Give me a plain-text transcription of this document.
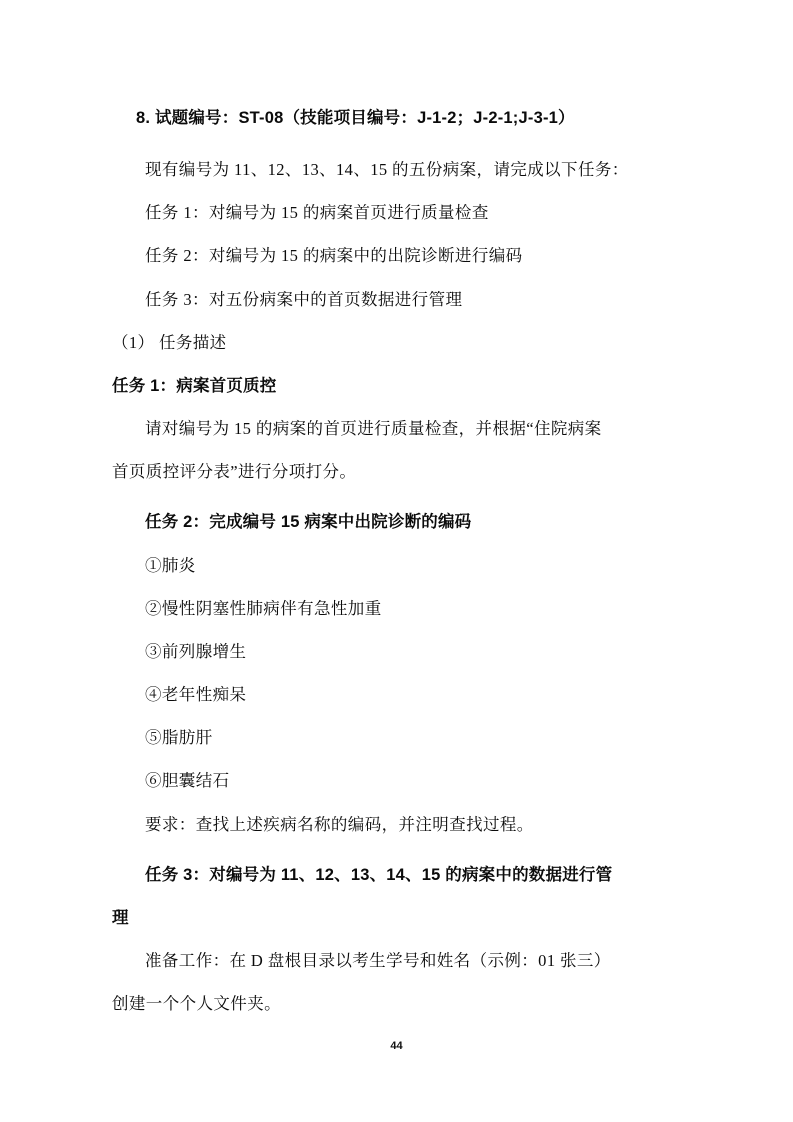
8. 试题编号：ST-08（技能项目编号：J-1-2；J-2-1;J-3-1）

现有编号为 11、12、13、14、15 的五份病案，请完成以下任务：

任务 1：对编号为 15 的病案首页进行质量检查

任务 2：对编号为 15 的病案中的出院诊断进行编码

任务 3：对五份病案中的首页数据进行管理

（1） 任务描述

任务 1：病案首页质控

请对编号为 15 的病案的首页进行质量检查，并根据“住院病案

首页质控评分表”进行分项打分。

任务 2：完成编号 15 病案中出院诊断的编码

①肺炎

②慢性阴塞性肺病伴有急性加重

③前列腺增生

④老年性痴呆

⑤脂肪肝

⑥胆囊结石

要求：查找上述疾病名称的编码，并注明查找过程。

任务 3：对编号为 11、12、13、14、15 的病案中的数据进行管

理

准备工作：在 D 盘根目录以考生学号和姓名（示例：01 张三）

创建一个个人文件夹。

44
